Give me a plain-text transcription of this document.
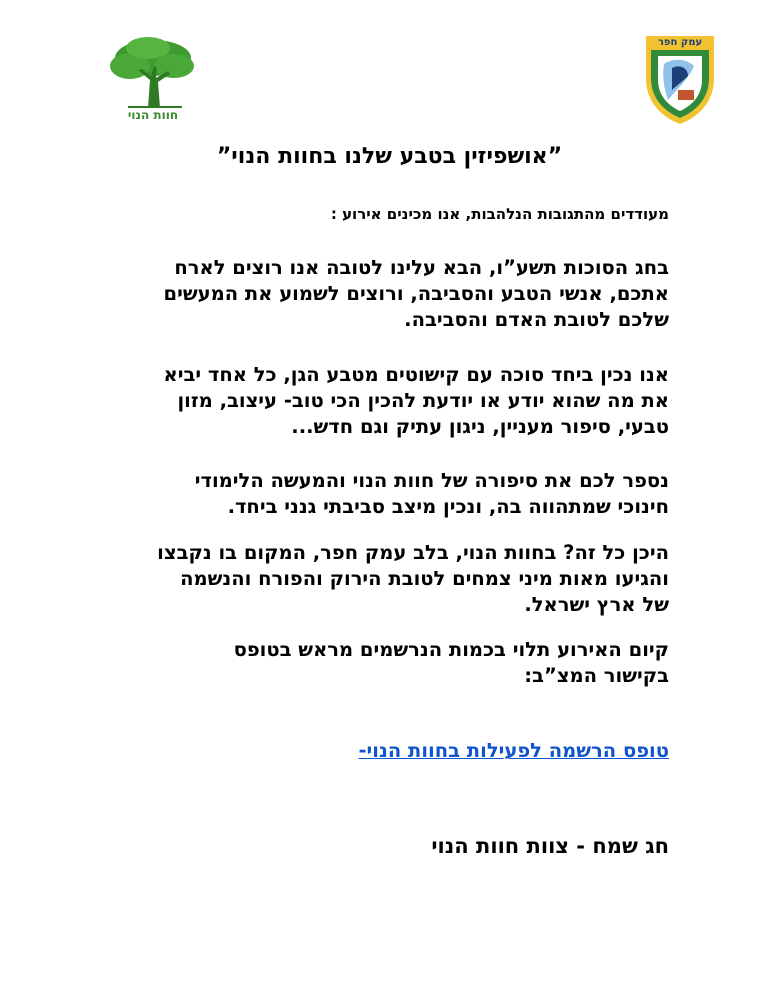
חוות הנוי
עמק חפר
”אושפיזין בטבע שלנו בחוות הנוי”
מעודדים מהתגובות הנלהבות, אנו מכינים אירוע :
בחג הסוכות תשע”ו, הבא עלינו לטובה אנו רוצים לארח
אתכם, אנשי הטבע והסביבה, ורוצים לשמוע את המעשים
שלכם לטובת האדם והסביבה.
אנו נכין ביחד סוכה עם קישוטים מטבע הגן, כל אחד יביא
את מה שהוא יודע או יודעת להכין הכי טוב- עיצוב, מזון
טבעי, סיפור מעניין, ניגון עתיק וגם חדש...
נספר לכם את סיפורה של חוות הנוי והמעשה הלימודי
חינוכי שמתהווה בה, ונכין מיצב סביבתי גנני ביחד.
היכן כל זה? בחוות הנוי, בלב עמק חפר, המקום בו נקבצו
והגיעו מאות מיני צמחים לטובת הירוק והפורח והנשמה
של ארץ ישראל.
קיום האירוע תלוי בכמות הנרשמים מראש בטופס
בקישור המצ”ב:
טופס הרשמה לפעילות בחוות הנוי-
חג שמח - צוות חוות הנוי
